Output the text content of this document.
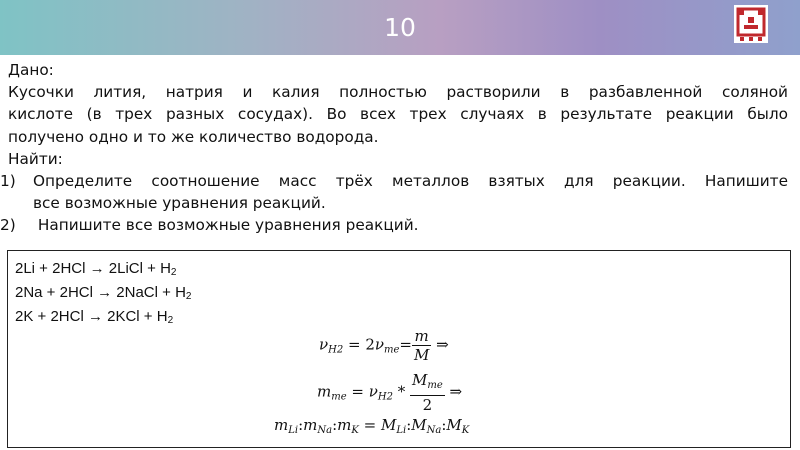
10
Дано:
Кусочки лития, натрия и калия полностью растворили в разбавленной соляной
кислоте (в трех разных сосудах). Во всех трех случаях в результате реакции было
получено одно и то же количество водорода.
Найти:
1) Определите соотношение масс трёх металлов взятых для реакции. Напишите
все возможные уравнения реакций.
2) Напишите все возможные уравнения реакций.
2Li + 2HCl → 2LiCl + $H_2$
2Na + 2HCl → 2NaCl + $H_2$
$2K + 2HCl \to 2KCl + H_2$
$\nu_{H2} = 2\nu_{me}= \frac{m}{M}$ ⇒
$m_{me} = \nu_{H2} * \frac{M_{me}}{2}$ ⇒
$m_{Li}:m_{Na}:m_K$ = $M_{Li}:M_{Na}:M_K$
